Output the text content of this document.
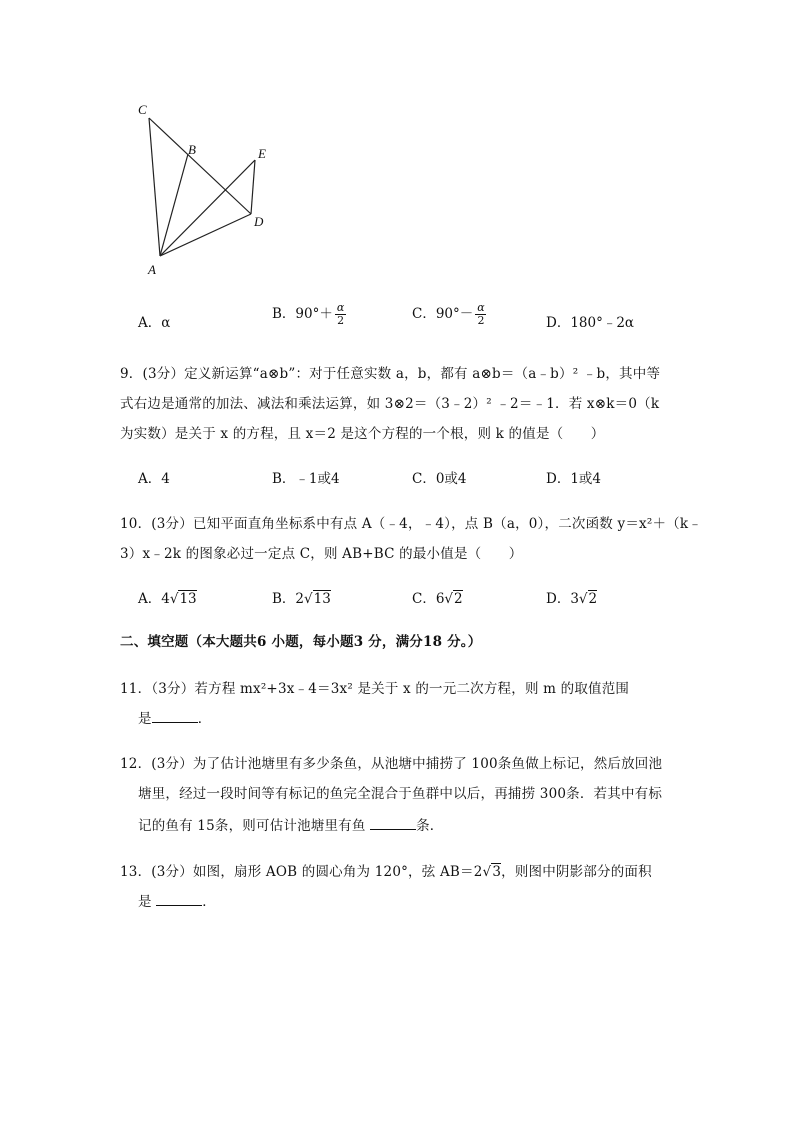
C
B	E
D
A
A．α
B．$90^\circ+ \frac{\alpha}{2}$	C．$90^\circ- \frac{\alpha}{2}$	D．180°﹣2α
9．(3分）定义新运算“a⊗b”：对于任意实数 a，b，都有 a⊗b＝（a﹣b）² ﹣b，其中等
式右边是通常的加法、减法和乘法运算，如 3⊗2＝（3﹣2）² ﹣2＝﹣1．若 x⊗k＝0（k
为实数）是关于 x 的方程，且 x＝2 是这个方程的一个根，则 k 的值是（　　）
A．4	B．﹣1或4	C．0或4	D．1或4
10．(3分）已知平面直角坐标系中有点 A（﹣4，﹣4），点 B（a，0），二次函数 y＝x²＋（k﹣
3）x﹣2k 的图象必过一定点 C，则 AB+BC 的最小值是（　　）
A．4√13	B．2√13	C．6√2	D．3√2
二、填空题（本大题共6 小题，每小题3 分，满分18 分。）
11．（3分）若方程 mx²+3x﹣4＝3x² 是关于 x 的一元二次方程，则 m 的取值范围
是	．
12．(3分）为了估计池塘里有多少条鱼，从池塘中捕捞了 100条鱼做上标记，然后放回池
塘里，经过一段时间等有标记的鱼完全混合于鱼群中以后，再捕捞 300条．若其中有标
记的鱼有 15条，则可估计池塘里有鱼	条．
13．(3分）如图，扇形 AOB 的圆心角为 120°，弦 AB＝2√3，则图中阴影部分的面积
是	．
